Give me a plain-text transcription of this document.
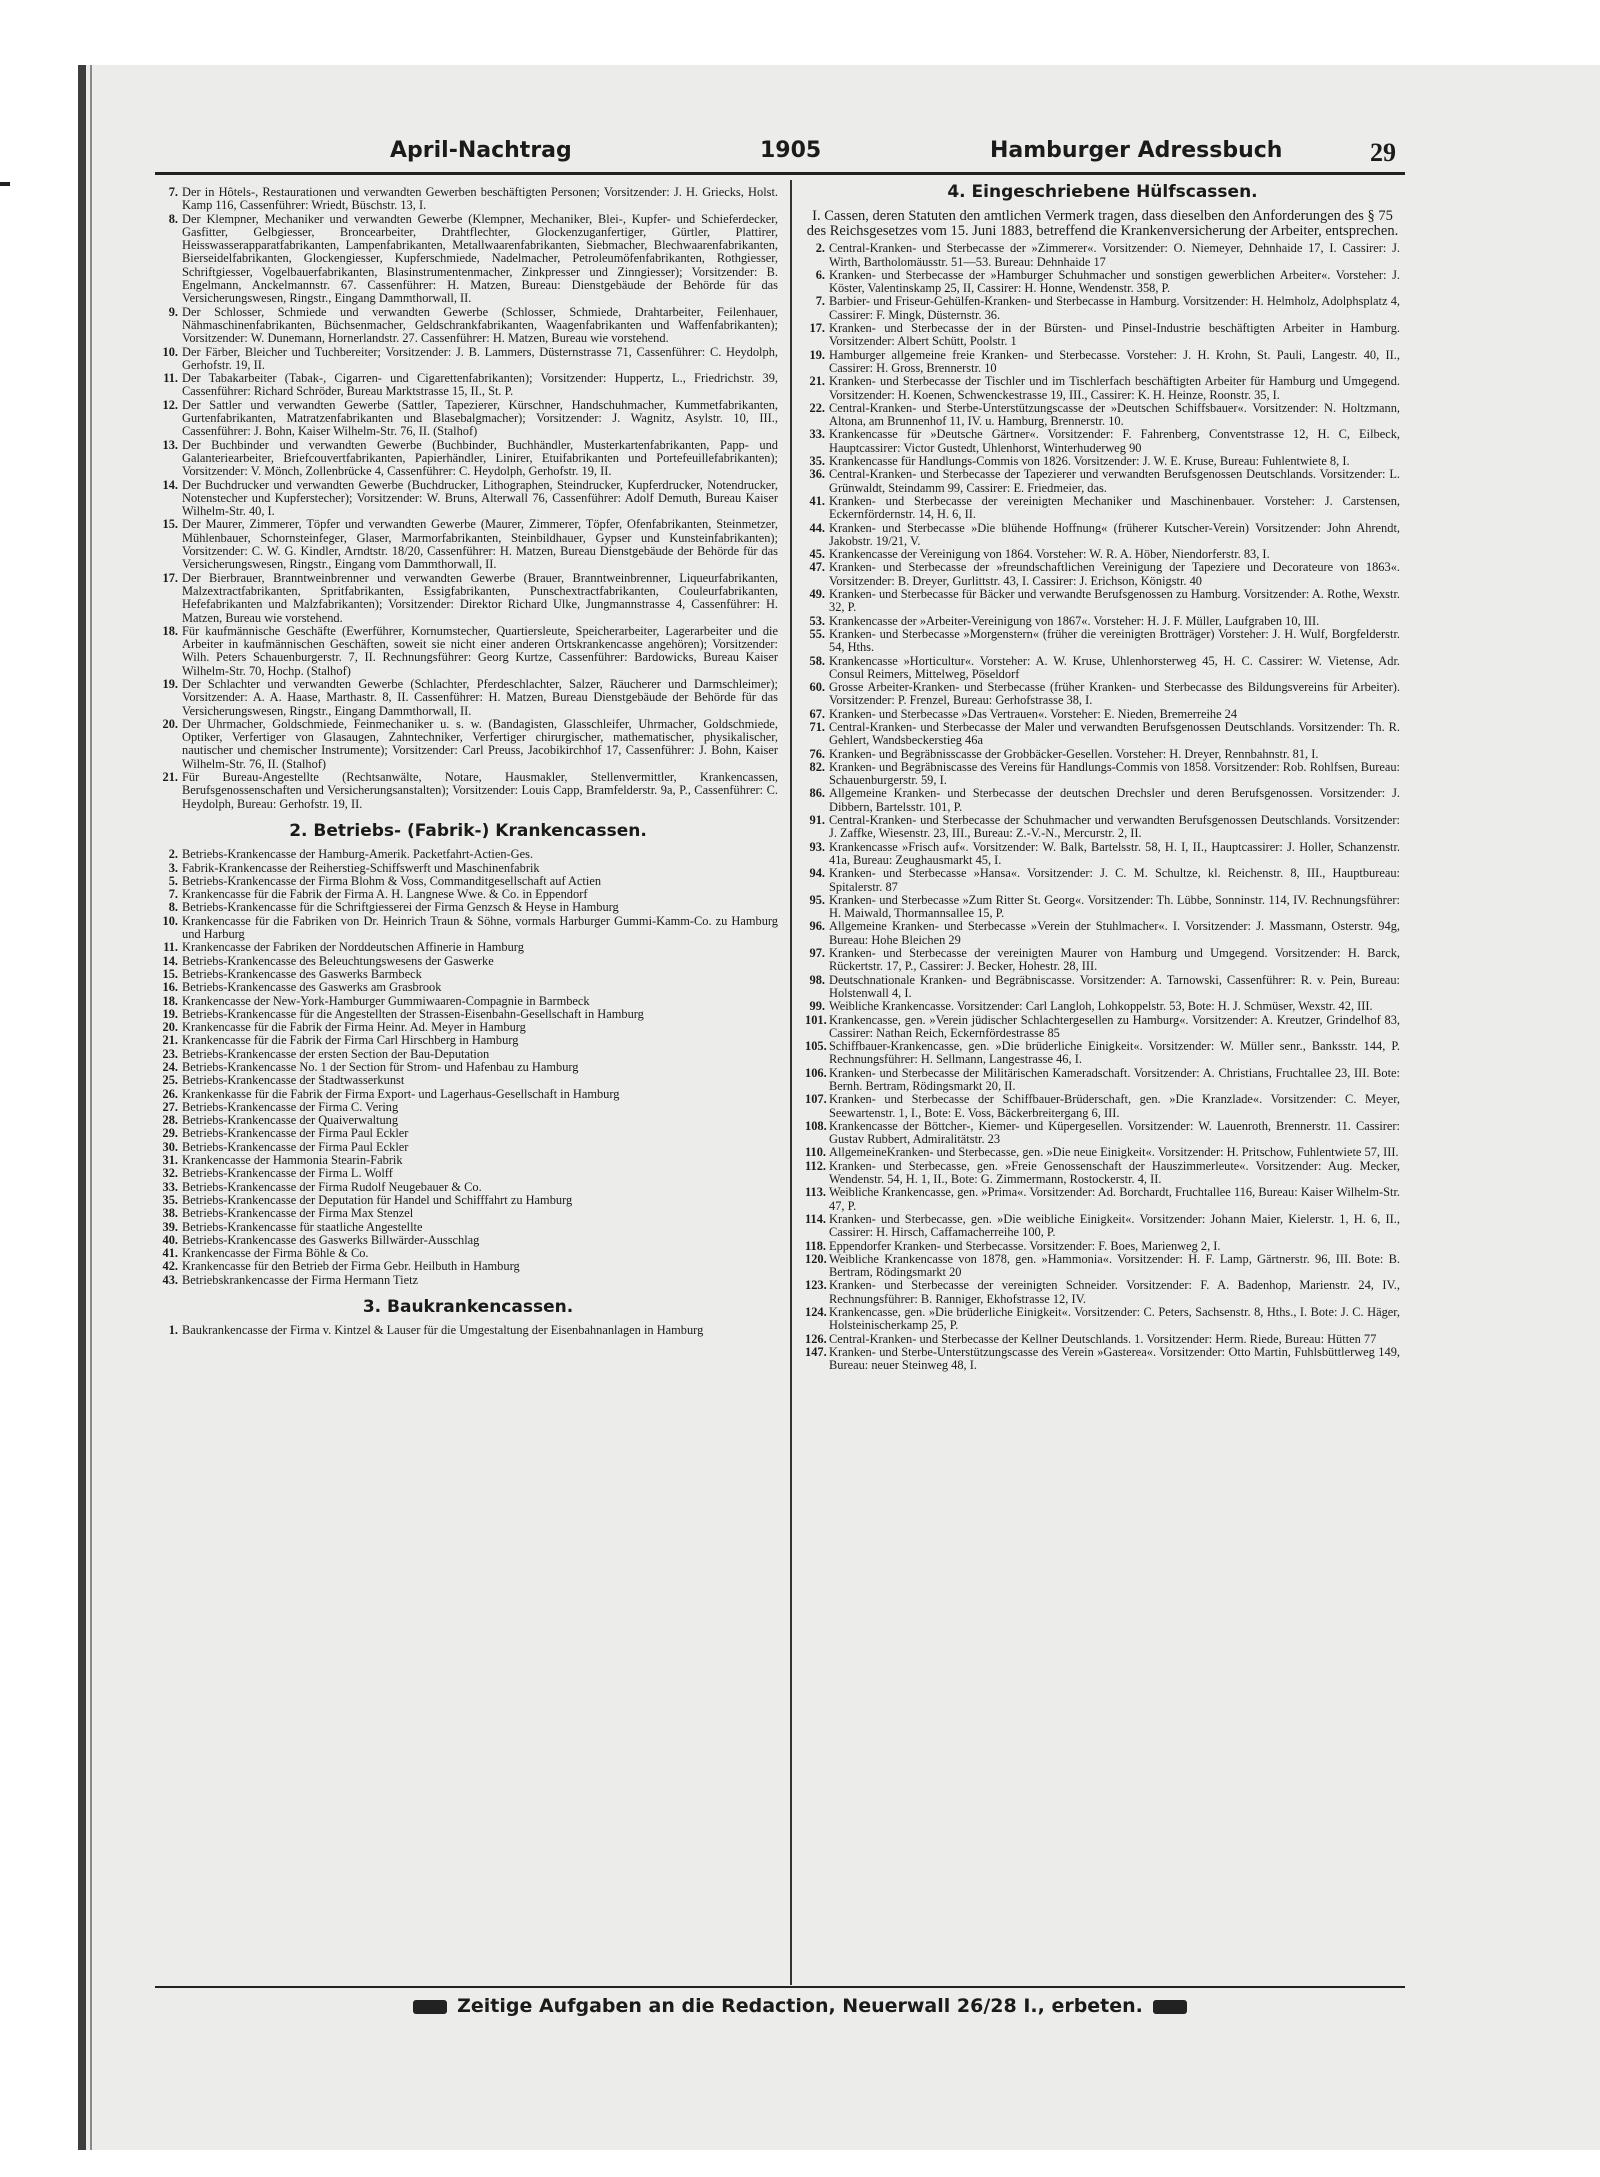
April-Nachtrag	1905	Hamburger Adressbuch	29
7. Der in Hôtels-, Restaurationen und verwandten Gewerben beschäftigten Personen; Vorsitzender: J. H. Griecks, Holst. Kamp 116, Cassenführer: Wriedt, Büschstr. 13, I.
8. Der Klempner, Mechaniker und verwandten Gewerbe (Klempner, Mechaniker, Blei-, Kupfer- und Schieferdecker, Gasfitter, Gelbgiesser, Broncearbeiter, Drahtflechter, Glockenzuganfertiger, Gürtler, Plattirer, Heisswasserapparatfabrikanten, Lampenfabrikanten, Metallwaarenfabrikanten, Siebmacher, Blechwaarenfabrikanten, Bierseidelfabrikanten, Glockengiesser, Kupferschmiede, Nadelmacher, Petroleumöfenfabrikanten, Rothgiesser, Schriftgiesser, Vogelbauerfabrikanten, Blasinstrumentenmacher, Zinkpresser und Zinngiesser); Vorsitzender: B. Engelmann, Anckelmannstr. 67. Cassenführer: H. Matzen, Bureau: Dienstgebäude der Behörde für das Versicherungswesen, Ringstr., Eingang Dammthorwall, II.
9. Der Schlosser, Schmiede und verwandten Gewerbe (Schlosser, Schmiede, Drahtarbeiter, Feilenhauer, Nähmaschinenfabrikanten, Büchsenmacher, Geldschrankfabrikanten, Waagenfabrikanten und Waffenfabrikanten); Vorsitzender: W. Dunemann, Hornerlandstr. 27. Cassenführer: H. Matzen, Bureau wie vorstehend.
10. Der Färber, Bleicher und Tuchbereiter; Vorsitzender: J. B. Lammers, Düsternstrasse 71, Cassenführer: C. Heydolph, Gerhofstr. 19, II.
11. Der Tabakarbeiter (Tabak-, Cigarren- und Cigarettenfabrikanten); Vorsitzender: Huppertz, L., Friedrichstr. 39, Cassenführer: Richard Schröder, Bureau Marktstrasse 15, II., St. P.
12. Der Sattler und verwandten Gewerbe (Sattler, Tapezierer, Kürschner, Handschuhmacher, Kummetfabrikanten, Gurtenfabrikanten, Matratzenfabrikanten und Blasebalgmacher); Vorsitzender: J. Wagnitz, Asylstr. 10, III., Cassenführer: J. Bohn, Kaiser Wilhelm-Str. 76, II. (Stalhof)
13. Der Buchbinder und verwandten Gewerbe (Buchbinder, Buchhändler, Musterkartenfabrikanten, Papp- und Galanteriearbeiter, Briefcouvertfabrikanten, Papierhändler, Linirer, Etuifabrikanten und Portefeuillefabrikanten); Vorsitzender: V. Mönch, Zollenbrücke 4, Cassenführer: C. Heydolph, Gerhofstr. 19, II.
14. Der Buchdrucker und verwandten Gewerbe (Buchdrucker, Lithographen, Steindrucker, Kupferdrucker, Notendrucker, Notenstecher und Kupferstecher); Vorsitzender: W. Bruns, Alterwall 76, Cassenführer: Adolf Demuth, Bureau Kaiser Wilhelm-Str. 40, I.
15. Der Maurer, Zimmerer, Töpfer und verwandten Gewerbe (Maurer, Zimmerer, Töpfer, Ofenfabrikanten, Steinmetzer, Mühlenbauer, Schornsteinfeger, Glaser, Marmorfabrikanten, Steinbildhauer, Gypser und Kunsteinfabrikanten); Vorsitzender: C. W. G. Kindler, Arndtstr. 18/20, Cassenführer: H. Matzen, Bureau Dienstgebäude der Behörde für das Versicherungswesen, Ringstr., Eingang vom Dammthorwall, II.
17. Der Bierbrauer, Branntweinbrenner und verwandten Gewerbe (Brauer, Branntweinbrenner, Liqueurfabrikanten, Malzextractfabrikanten, Spritfabrikanten, Essigfabrikanten, Punschextractfabrikanten, Couleurfabrikanten, Hefefabrikanten und Malzfabrikanten); Vorsitzender: Direktor Richard Ulke, Jungmannstrasse 4, Cassenführer: H. Matzen, Bureau wie vorstehend.
18. Für kaufmännische Geschäfte (Ewerführer, Kornumstecher, Quartiersleute, Speicherarbeiter, Lagerarbeiter und die Arbeiter in kaufmännischen Geschäften, soweit sie nicht einer anderen Ortskrankencasse angehören); Vorsitzender: Wilh. Peters Schauenburgerstr. 7, II. Rechnungsführer: Georg Kurtze, Cassenführer: Bardowicks, Bureau Kaiser Wilhelm-Str. 70, Hochp. (Stalhof)
19. Der Schlachter und verwandten Gewerbe (Schlachter, Pferdeschlachter, Salzer, Räucherer und Darmschleimer); Vorsitzender: A. A. Haase, Marthastr. 8, II. Cassenführer: H. Matzen, Bureau Dienstgebäude der Behörde für das Versicherungswesen, Ringstr., Eingang Dammthorwall, II.
20. Der Uhrmacher, Goldschmiede, Feinmechaniker u. s. w. (Bandagisten, Glasschleifer, Uhrmacher, Goldschmiede, Optiker, Verfertiger von Glasaugen, Zahntechniker, Verfertiger chirurgischer, mathematischer, physikalischer, nautischer und chemischer Instrumente); Vorsitzender: Carl Preuss, Jacobikirchhof 17, Cassenführer: J. Bohn, Kaiser Wilhelm-Str. 76, II. (Stalhof)
21. Für Bureau-Angestellte (Rechtsanwälte, Notare, Hausmakler, Stellenvermittler, Krankencassen, Berufsgenossenschaften und Versicherungsanstalten); Vorsitzender: Louis Capp, Bramfelderstr. 9a, P., Cassenführer: C. Heydolph, Bureau: Gerhofstr. 19, II.
2. Betriebs- (Fabrik-) Krankencassen.
2. Betriebs-Krankencasse der Hamburg-Amerik. Packetfahrt-Actien-Ges.
3. Fabrik-Krankencasse der Reiherstieg-Schiffswerft und Maschinenfabrik
5. Betriebs-Krankencasse der Firma Blohm & Voss, Commanditgesellschaft auf Actien
7. Krankencasse für die Fabrik der Firma A. H. Langnese Wwe. & Co. in Eppendorf
8. Betriebs-Krankencasse für die Schriftgiesserei der Firma Genzsch & Heyse in Hamburg
10. Krankencasse für die Fabriken von Dr. Heinrich Traun & Söhne, vormals Harburger Gummi-Kamm-Co. zu Hamburg und Harburg
11. Krankencasse der Fabriken der Norddeutschen Affinerie in Hamburg
14. Betriebs-Krankencasse des Beleuchtungswesens der Gaswerke
15. Betriebs-Krankencasse des Gaswerks Barmbeck
16. Betriebs-Krankencasse des Gaswerks am Grasbrook
18. Krankencasse der New-York-Hamburger Gummiwaaren-Compagnie in Barmbeck
19. Betriebs-Krankencasse für die Angestellten der Strassen-Eisenbahn-Gesellschaft in Hamburg
20. Krankencasse für die Fabrik der Firma Heinr. Ad. Meyer in Hamburg
21. Krankencasse für die Fabrik der Firma Carl Hirschberg in Hamburg
23. Betriebs-Krankencasse der ersten Section der Bau-Deputation
24. Betriebs-Krankencasse No. 1 der Section für Strom- und Hafenbau zu Hamburg
25. Betriebs-Krankencasse der Stadtwasserkunst
26. Krankenkasse für die Fabrik der Firma Export- und Lagerhaus-Gesellschaft in Hamburg
27. Betriebs-Krankencasse der Firma C. Vering
28. Betriebs-Krankencasse der Quaiverwaltung
29. Betriebs-Krankencasse der Firma Paul Eckler
30. Betriebs-Krankencasse der Firma Paul Eckler
31. Krankencasse der Hammonia Stearin-Fabrik
32. Betriebs-Krankencasse der Firma L. Wolff
33. Betriebs-Krankencasse der Firma Rudolf Neugebauer & Co.
35. Betriebs-Krankencasse der Deputation für Handel und Schifffahrt zu Hamburg
38. Betriebs-Krankencasse der Firma Max Stenzel
39. Betriebs-Krankencasse für staatliche Angestellte
40. Betriebs-Krankencasse des Gaswerks Billwärder-Ausschlag
41. Krankencasse der Firma Böhle & Co.
42. Krankencasse für den Betrieb der Firma Gebr. Heilbuth in Hamburg
43. Betriebskrankencasse der Firma Hermann Tietz
3. Baukrankencassen.
1. Baukrankencasse der Firma v. Kintzel & Lauser für die Umgestaltung der Eisenbahnanlagen in Hamburg
4. Eingeschriebene Hülfscassen.
I. Cassen, deren Statuten den amtlichen Vermerk tragen, dass dieselben den Anforderungen des § 75 des Reichsgesetzes vom 15. Juni 1883, betreffend die Krankenversicherung der Arbeiter, entsprechen.
2. Central-Kranken- und Sterbecasse der »Zimmerer«. Vorsitzender: O. Niemeyer, Dehnhaide 17, I. Cassirer: J. Wirth, Bartholomäusstr. 51—53. Bureau: Dehnhaide 17
6. Kranken- und Sterbecasse der »Hamburger Schuhmacher und sonstigen gewerblichen Arbeiter«. Vorsteher: J. Köster, Valentinskamp 25, II, Cassirer: H. Honne, Wendenstr. 358, P.
7. Barbier- und Friseur-Gehülfen-Kranken- und Sterbecasse in Hamburg. Vorsitzender: H. Helmholz, Adolphsplatz 4, Cassirer: F. Mingk, Düsternstr. 36.
17. Kranken- und Sterbecasse der in der Bürsten- und Pinsel-Industrie beschäftigten Arbeiter in Hamburg. Vorsitzender: Albert Schütt, Poolstr. 1
19. Hamburger allgemeine freie Kranken- und Sterbecasse. Vorsteher: J. H. Krohn, St. Pauli, Langestr. 40, II., Cassirer: H. Gross, Brennerstr. 10
21. Kranken- und Sterbecasse der Tischler und im Tischlerfach beschäftigten Arbeiter für Hamburg und Umgegend. Vorsitzender: H. Koenen, Schwenckestrasse 19, III., Cassirer: K. H. Heinze, Roonstr. 35, I.
22. Central-Kranken- und Sterbe-Unterstützungscasse der »Deutschen Schiffsbauer«. Vorsitzender: N. Holtzmann, Altona, am Brunnenhof 11, IV. u. Hamburg, Brennerstr. 10.
33. Krankencasse für »Deutsche Gärtner«. Vorsitzender: F. Fahrenberg, Conventstrasse 12, H. C, Eilbeck, Hauptcassirer: Victor Gustedt, Uhlenhorst, Winterhuderweg 90
35. Krankencasse für Handlungs-Commis von 1826. Vorsitzender: J. W. E. Kruse, Bureau: Fuhlentwiete 8, I.
36. Central-Kranken- und Sterbecasse der Tapezierer und verwandten Berufsgenossen Deutschlands. Vorsitzender: L. Grünwaldt, Steindamm 99, Cassirer: E. Friedmeier, das.
41. Kranken- und Sterbecasse der vereinigten Mechaniker und Maschinenbauer. Vorsteher: J. Carstensen, Eckernfördernstr. 14, H. 6, II.
44. Kranken- und Sterbecasse »Die blühende Hoffnung« (früherer Kutscher-Verein) Vorsitzender: John Ahrendt, Jakobstr. 19/21, V.
45. Krankencasse der Vereinigung von 1864. Vorsteher: W. R. A. Höber, Niendorferstr. 83, I.
47. Kranken- und Sterbecasse der »freundschaftlichen Vereinigung der Tapeziere und Decorateure von 1863«. Vorsitzender: B. Dreyer, Gurlittstr. 43, I. Cassirer: J. Erichson, Königstr. 40
49. Kranken- und Sterbecasse für Bäcker und verwandte Berufsgenossen zu Hamburg. Vorsitzender: A. Rothe, Wexstr. 32, P.
53. Krankencasse der »Arbeiter-Vereinigung von 1867«. Vorsteher: H. J. F. Müller, Laufgraben 10, III.
55. Kranken- und Sterbecasse »Morgenstern« (früher die vereinigten Brotträger) Vorsteher: J. H. Wulf, Borgfelderstr. 54, Hths.
58. Krankencasse »Horticultur«. Vorsteher: A. W. Kruse, Uhlenhorsterweg 45, H. C. Cassirer: W. Vietense, Adr. Consul Reimers, Mittelweg, Pöseldorf
60. Grosse Arbeiter-Kranken- und Sterbecasse (früher Kranken- und Sterbecasse des Bildungsvereins für Arbeiter). Vorsitzender: P. Frenzel, Bureau: Gerhofstrasse 38, I.
67. Kranken- und Sterbecasse »Das Vertrauen«. Vorsteher: E. Nieden, Bremerreihe 24
71. Central-Kranken- und Sterbecasse der Maler und verwandten Berufsgenossen Deutschlands. Vorsitzender: Th. R. Gehlert, Wandsbeckerstieg 46a
76. Kranken- und Begräbnisscasse der Grobbäcker-Gesellen. Vorsteher: H. Dreyer, Rennbahnstr. 81, I.
82. Kranken- und Begräbniscasse des Vereins für Handlungs-Commis von 1858. Vorsitzender: Rob. Rohlfsen, Bureau: Schauenburgerstr. 59, I.
86. Allgemeine Kranken- und Sterbecasse der deutschen Drechsler und deren Berufsgenossen. Vorsitzender: J. Dibbern, Bartelsstr. 101, P.
91. Central-Kranken- und Sterbecasse der Schuhmacher und verwandten Berufsgenossen Deutschlands. Vorsitzender: J. Zaffke, Wiesenstr. 23, III., Bureau: Z.-V.-N., Mercurstr. 2, II.
93. Krankencasse »Frisch auf«. Vorsitzender: W. Balk, Bartelsstr. 58, H. I, II., Hauptcassirer: J. Holler, Schanzenstr. 41a, Bureau: Zeughausmarkt 45, I.
94. Kranken- und Sterbecasse »Hansa«. Vorsitzender: J. C. M. Schultze, kl. Reichenstr. 8, III., Hauptbureau: Spitalerstr. 87
95. Kranken- und Sterbecasse »Zum Ritter St. Georg«. Vorsitzender: Th. Lübbe, Sonninstr. 114, IV. Rechnungsführer: H. Maiwald, Thormannsallee 15, P.
96. Allgemeine Kranken- und Sterbecasse »Verein der Stuhlmacher«. I. Vorsitzender: J. Massmann, Osterstr. 94g, Bureau: Hohe Bleichen 29
97. Kranken- und Sterbecasse der vereinigten Maurer von Hamburg und Umgegend. Vorsitzender: H. Barck, Rückertstr. 17, P., Cassirer: J. Becker, Hohestr. 28, III.
98. Deutschnationale Kranken- und Begräbniscasse. Vorsitzender: A. Tarnowski, Cassenführer: R. v. Pein, Bureau: Holstenwall 4, I.
99. Weibliche Krankencasse. Vorsitzender: Carl Langloh, Lohkoppelstr. 53, Bote: H. J. Schmüser, Wexstr. 42, III.
101. Krankencasse, gen. »Verein jüdischer Schlachtergesellen zu Hamburg«. Vorsitzender: A. Kreutzer, Grindelhof 83, Cassirer: Nathan Reich, Eckernfördestrasse 85
105. Schiffbauer-Krankencasse, gen. »Die brüderliche Einigkeit«. Vorsitzender: W. Müller senr., Banksstr. 144, P. Rechnungsführer: H. Sellmann, Langestrasse 46, I.
106. Kranken- und Sterbecasse der Militärischen Kameradschaft. Vorsitzender: A. Christians, Fruchtallee 23, III. Bote: Bernh. Bertram, Rödingsmarkt 20, II.
107. Kranken- und Sterbecasse der Schiffbauer-Brüderschaft, gen. »Die Kranzlade«. Vorsitzender: C. Meyer, Seewartenstr. 1, I., Bote: E. Voss, Bäckerbreitergang 6, III.
108. Krankencasse der Böttcher-, Kiemer- und Küpergesellen. Vorsitzender: W. Lauenroth, Brennerstr. 11. Cassirer: Gustav Rubbert, Admiralitätstr. 23
110. AllgemeineKranken- und Sterbecasse, gen. »Die neue Einigkeit«. Vorsitzender: H. Pritschow, Fuhlentwiete 57, III.
112. Kranken- und Sterbecasse, gen. »Freie Genossenschaft der Hauszimmerleute«. Vorsitzender: Aug. Mecker, Wendenstr. 54, H. 1, II., Bote: G. Zimmermann, Rostockerstr. 4, II.
113. Weibliche Krankencasse, gen. »Prima«. Vorsitzender: Ad. Borchardt, Fruchtallee 116, Bureau: Kaiser Wilhelm-Str. 47, P.
114. Kranken- und Sterbecasse, gen. »Die weibliche Einigkeit«. Vorsitzender: Johann Maier, Kielerstr. 1, H. 6, II., Cassirer: H. Hirsch, Caffamacherreihe 100, P.
118. Eppendorfer Kranken- und Sterbecasse. Vorsitzender: F. Boes, Marienweg 2, I.
120. Weibliche Krankencasse von 1878, gen. »Hammonia«. Vorsitzender: H. F. Lamp, Gärtnerstr. 96, III. Bote: B. Bertram, Rödingsmarkt 20
123. Kranken- und Sterbecasse der vereinigten Schneider. Vorsitzender: F. A. Badenhop, Marienstr. 24, IV., Rechnungsführer: B. Ranniger, Ekhofstrasse 12, IV.
124. Krankencasse, gen. »Die brüderliche Einigkeit«. Vorsitzender: C. Peters, Sachsenstr. 8, Hths., I. Bote: J. C. Häger, Holsteinischerkamp 25, P.
126. Central-Kranken- und Sterbecasse der Kellner Deutschlands. 1. Vorsitzender: Herm. Riede, Bureau: Hütten 77
147. Kranken- und Sterbe-Unterstützungscasse des Verein »Gasterea«. Vorsitzender: Otto Martin, Fuhlsbüttlerweg 149, Bureau: neuer Steinweg 48, I.
Zeitige Aufgaben an die Redaction, Neuerwall 26/28 I., erbeten.
